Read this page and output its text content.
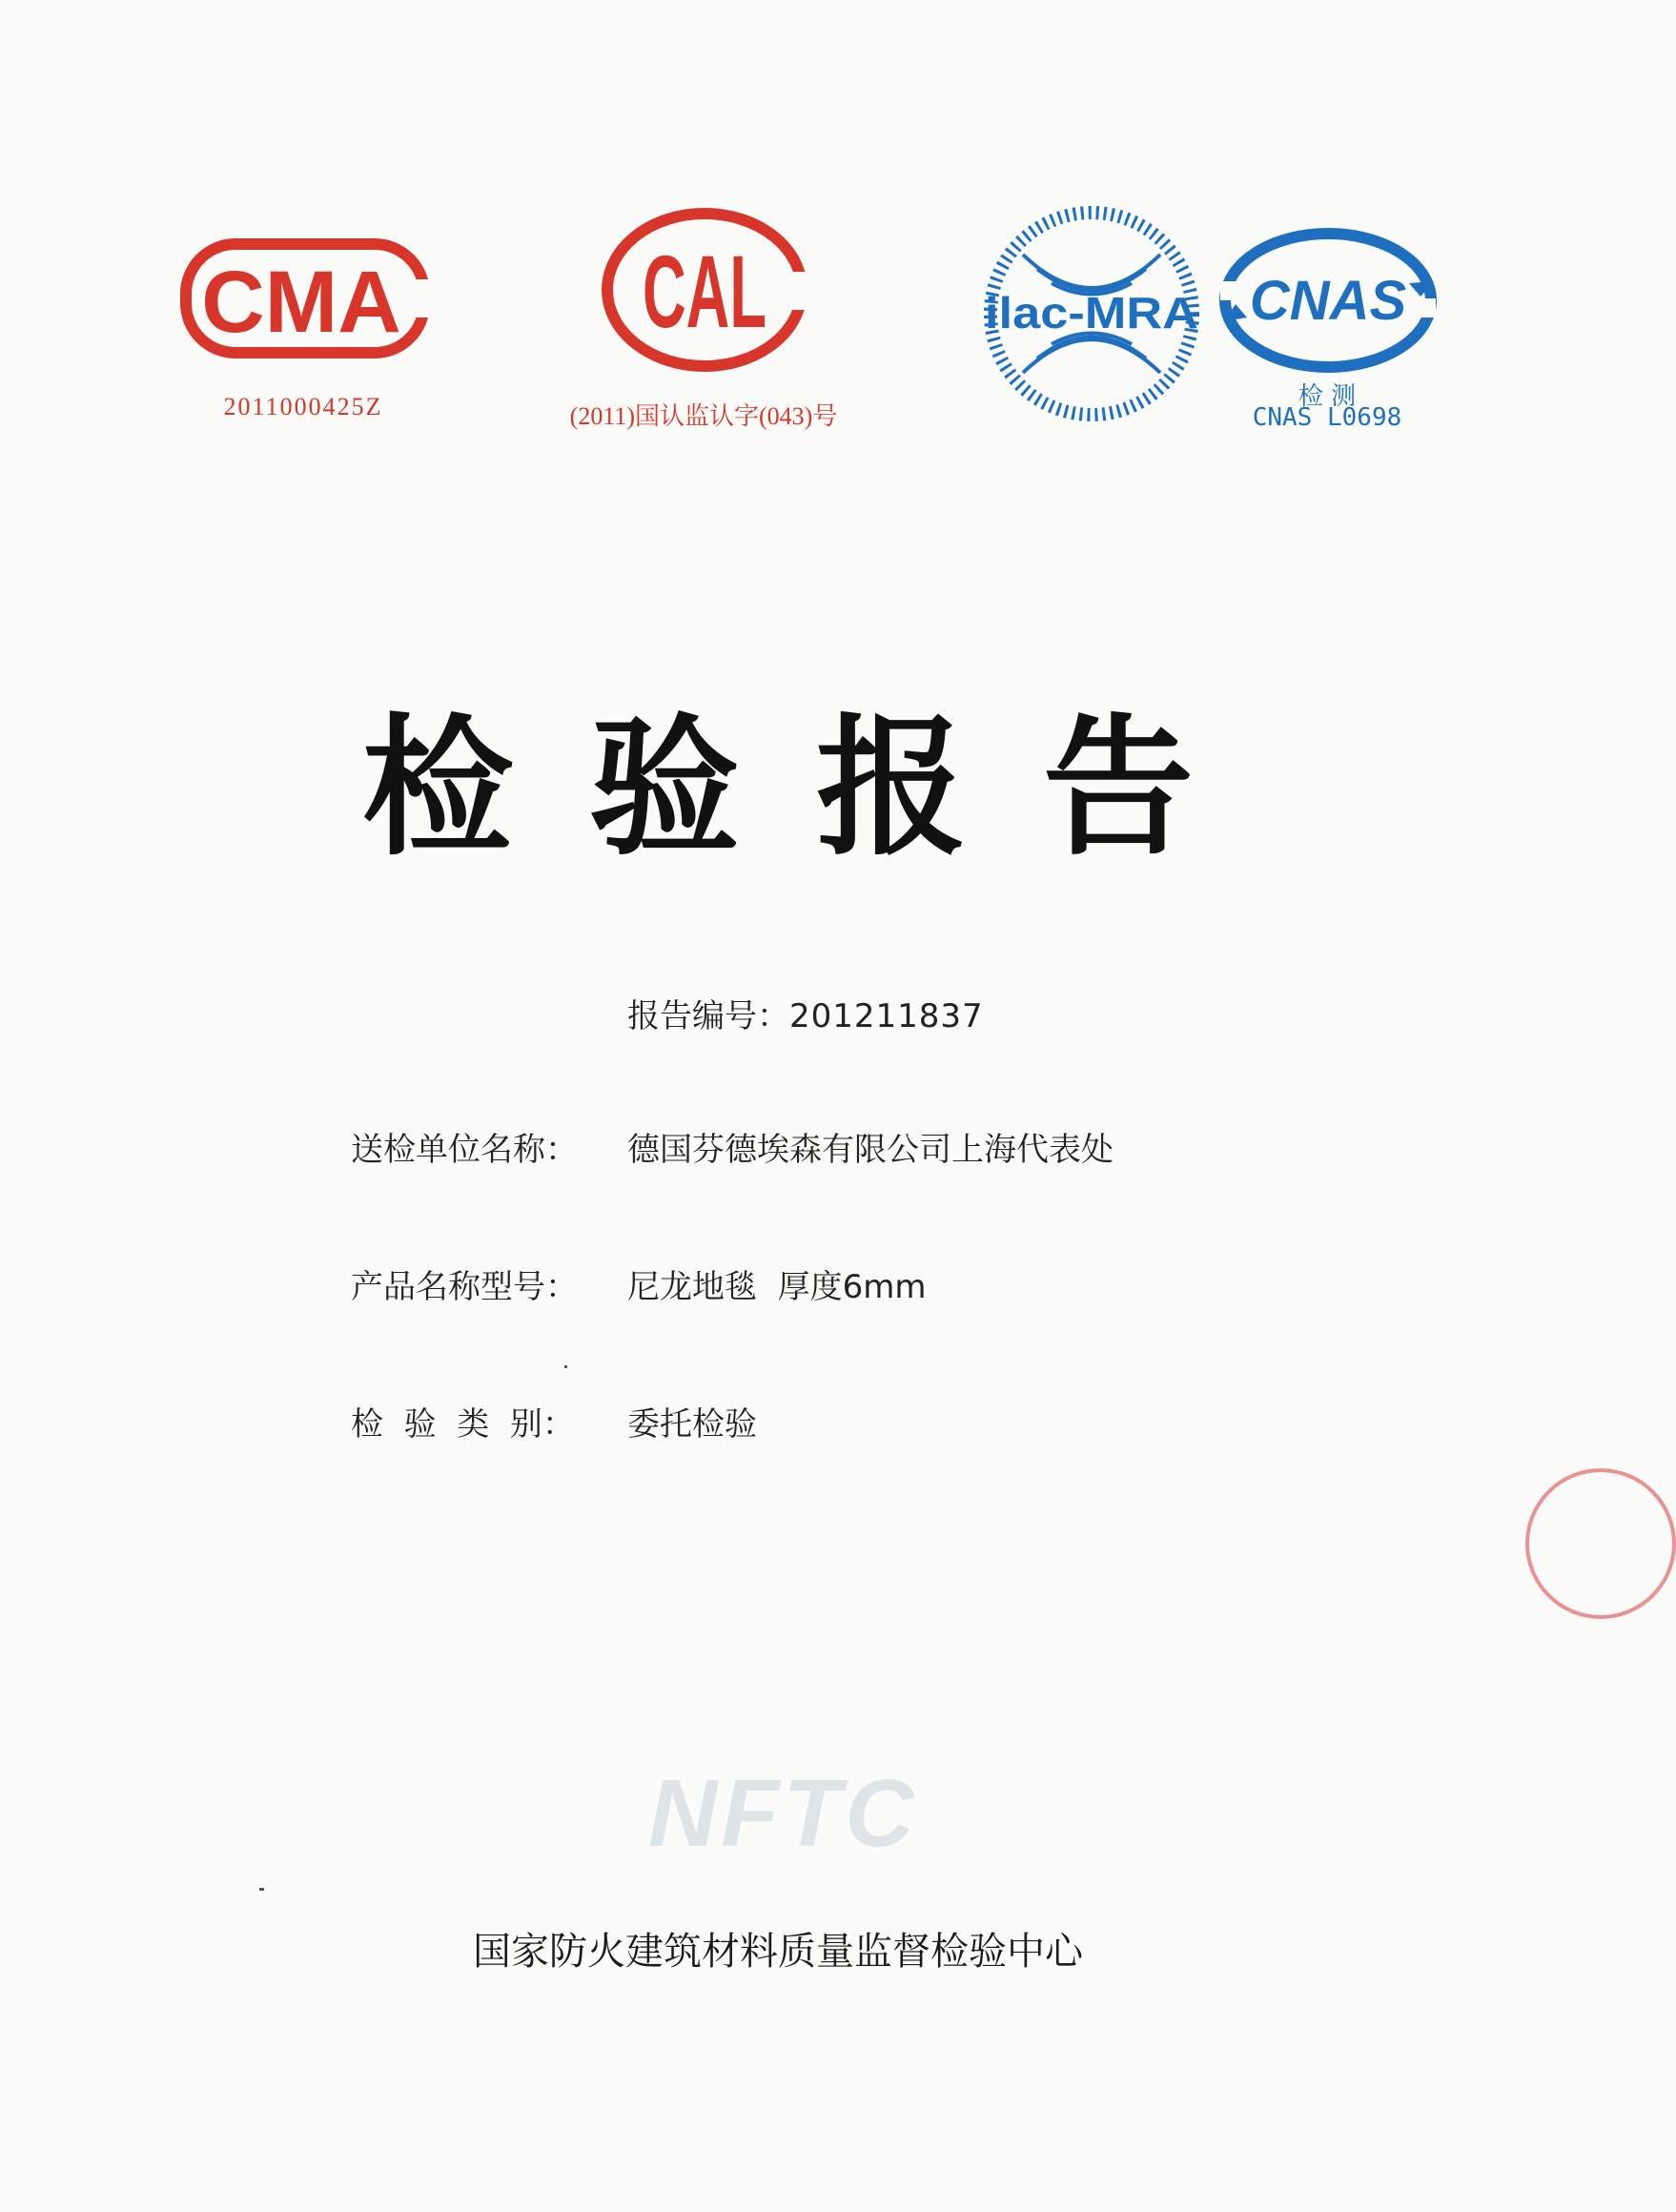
CMA
2011000425Z
CAL
(2011)国认监认字(043)号
ilac-MRA CNAS
检 测
CNAS L0698
检验报告
报告编号：201211837
送检单位名称： 德国芬德埃森有限公司上海代表处
产品名称型号： 尼龙地毯  厚度6mm
检  验  类  别： 委托检验
NFTC
国家防火建筑材料质量监督检验中心
